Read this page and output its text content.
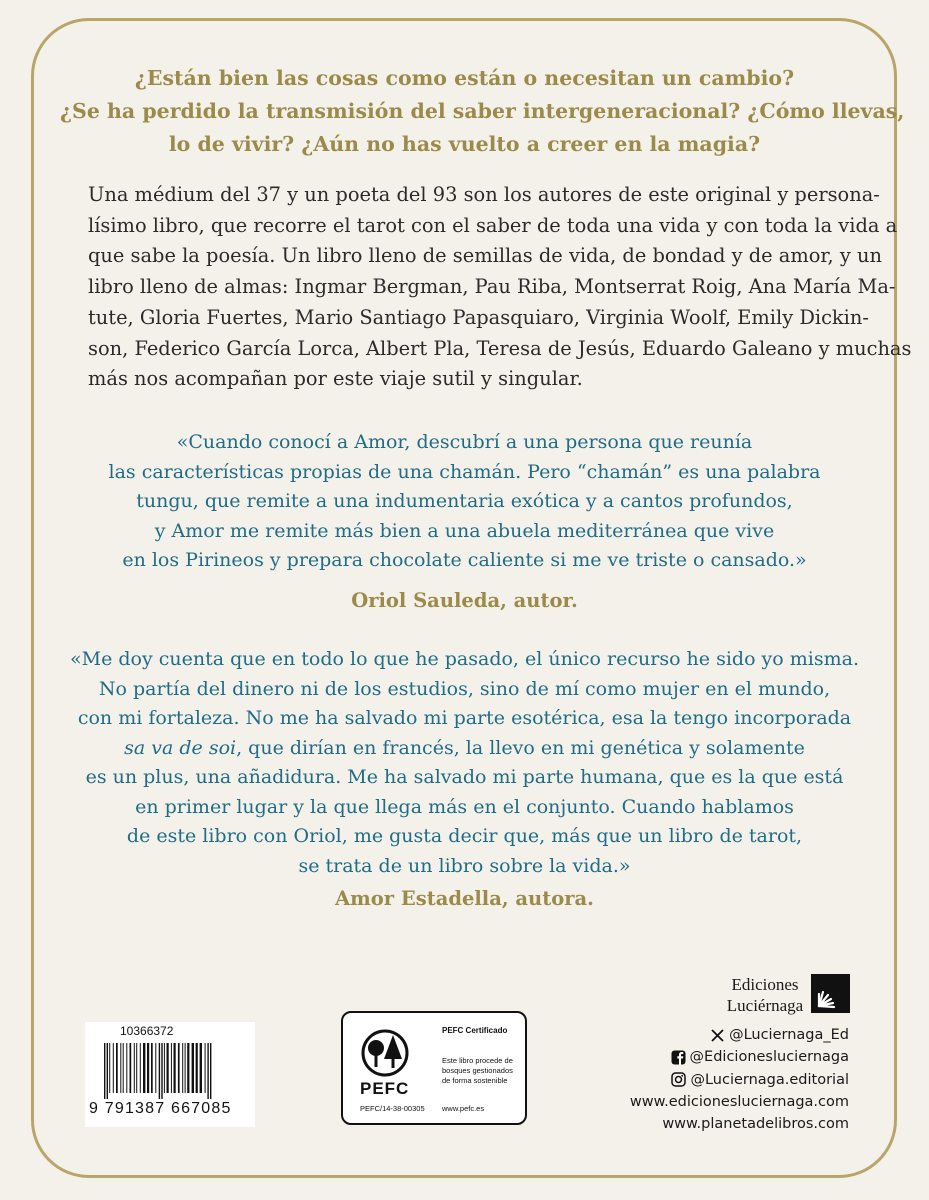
¿Están bien las cosas como están o necesitan un cambio?
¿Se ha perdido la transmisión del saber intergeneracional? ¿Cómo llevas,
lo de vivir? ¿Aún no has vuelto a creer en la magia?

Una médium del 37 y un poeta del 93 son los autores de este original y persona-
lísimo libro, que recorre el tarot con el saber de toda una vida y con toda la vida a
que sabe la poesía. Un libro lleno de semillas de vida, de bondad y de amor, y un
libro lleno de almas: Ingmar Bergman, Pau Riba, Montserrat Roig, Ana María Ma-
tute, Gloria Fuertes, Mario Santiago Papasquiaro, Virginia Woolf, Emily Dickin-
son, Federico García Lorca, Albert Pla, Teresa de Jesús, Eduardo Galeano y muchas
más nos acompañan por este viaje sutil y singular.
«Cuando conocí a Amor, descubrí a una persona que reunía
las características propias de una chamán. Pero “chamán” es una palabra
tungu, que remite a una indumentaria exótica y a cantos profundos,
y Amor me remite más bien a una abuela mediterránea que vive
en los Pirineos y prepara chocolate caliente si me ve triste o cansado.»
Oriol Sauleda, autor.
«Me doy cuenta que en todo lo que he pasado, el único recurso he sido yo misma.
No partía del dinero ni de los estudios, sino de mí como mujer en el mundo,
con mi fortaleza. No me ha salvado mi parte esotérica, esa la tengo incorporada
sa va de soi, que dirían en francés, la llevo en mi genética y solamente
es un plus, una añadidura. Me ha salvado mi parte humana, que es la que está
en primer lugar y la que llega más en el conjunto. Cuando hablamos
de este libro con Oriol, me gusta decir que, más que un libro de tarot,
se trata de un libro sobre la vida.»
Amor Estadella, autora.
Ediciones
Luciérnaga
@Luciernaga_Ed
@Edicionesluciernaga
@Luciernaga.editorial
www.edicionesluciernaga.com
www.planetadelibros.com
10366372
9 791387 667085
PEFC
PEFC/14-38-00305
PEFC Certificado
Este libro procede de
bosques gestionados
de forma sostenible
www.pefc.es
